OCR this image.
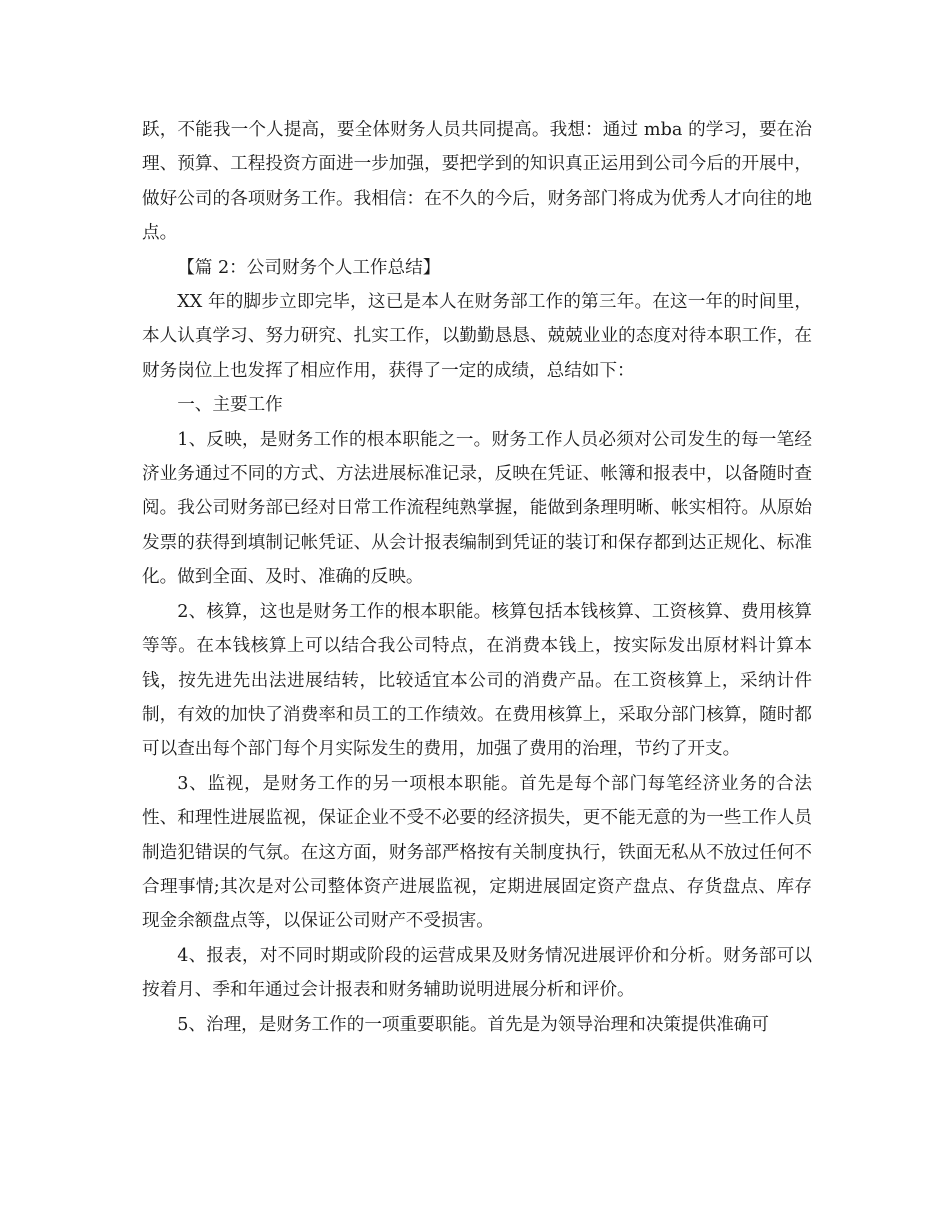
跃，不能我一个人提高，要全体财务人员共同提高。我想：通过 mba 的学习，要在治理、预算、工程投资方面进一步加强，要把学到的知识真正运用到公司今后的开展中，做好公司的各项财务工作。我相信：在不久的今后，财务部门将成为优秀人才向往的地点。

【篇 2：公司财务个人工作总结】

XX 年的脚步立即完毕，这已是本人在财务部工作的第三年。在这一年的时间里，本人认真学习、努力研究、扎实工作，以勤勤恳恳、兢兢业业的态度对待本职工作，在财务岗位上也发挥了相应作用，获得了一定的成绩，总结如下：

一、主要工作

1、反映，是财务工作的根本职能之一。财务工作人员必须对公司发生的每一笔经济业务通过不同的方式、方法进展标准记录，反映在凭证、帐簿和报表中，以备随时查阅。我公司财务部已经对日常工作流程纯熟掌握，能做到条理明晰、帐实相符。从原始发票的获得到填制记帐凭证、从会计报表编制到凭证的装订和保存都到达正规化、标准化。做到全面、及时、准确的反映。

2、核算，这也是财务工作的根本职能。核算包括本钱核算、工资核算、费用核算等等。在本钱核算上可以结合我公司特点，在消费本钱上，按实际发出原材料计算本钱，按先进先出法进展结转，比较适宜本公司的消费产品。在工资核算上，采纳计件制，有效的加快了消费率和员工的工作绩效。在费用核算上，采取分部门核算，随时都可以查出每个部门每个月实际发生的费用，加强了费用的治理，节约了开支。

3、监视，是财务工作的另一项根本职能。首先是每个部门每笔经济业务的合法性、和理性进展监视，保证企业不受不必要的经济损失，更不能无意的为一些工作人员制造犯错误的气氛。在这方面，财务部严格按有关制度执行，铁面无私从不放过任何不合理事情;其次是对公司整体资产进展监视，定期进展固定资产盘点、存货盘点、库存现金余额盘点等，以保证公司财产不受损害。

4、报表，对不同时期或阶段的运营成果及财务情况进展评价和分析。财务部可以按着月、季和年通过会计报表和财务辅助说明进展分析和评价。

5、治理，是财务工作的一项重要职能。首先是为领导治理和决策提供准确可
